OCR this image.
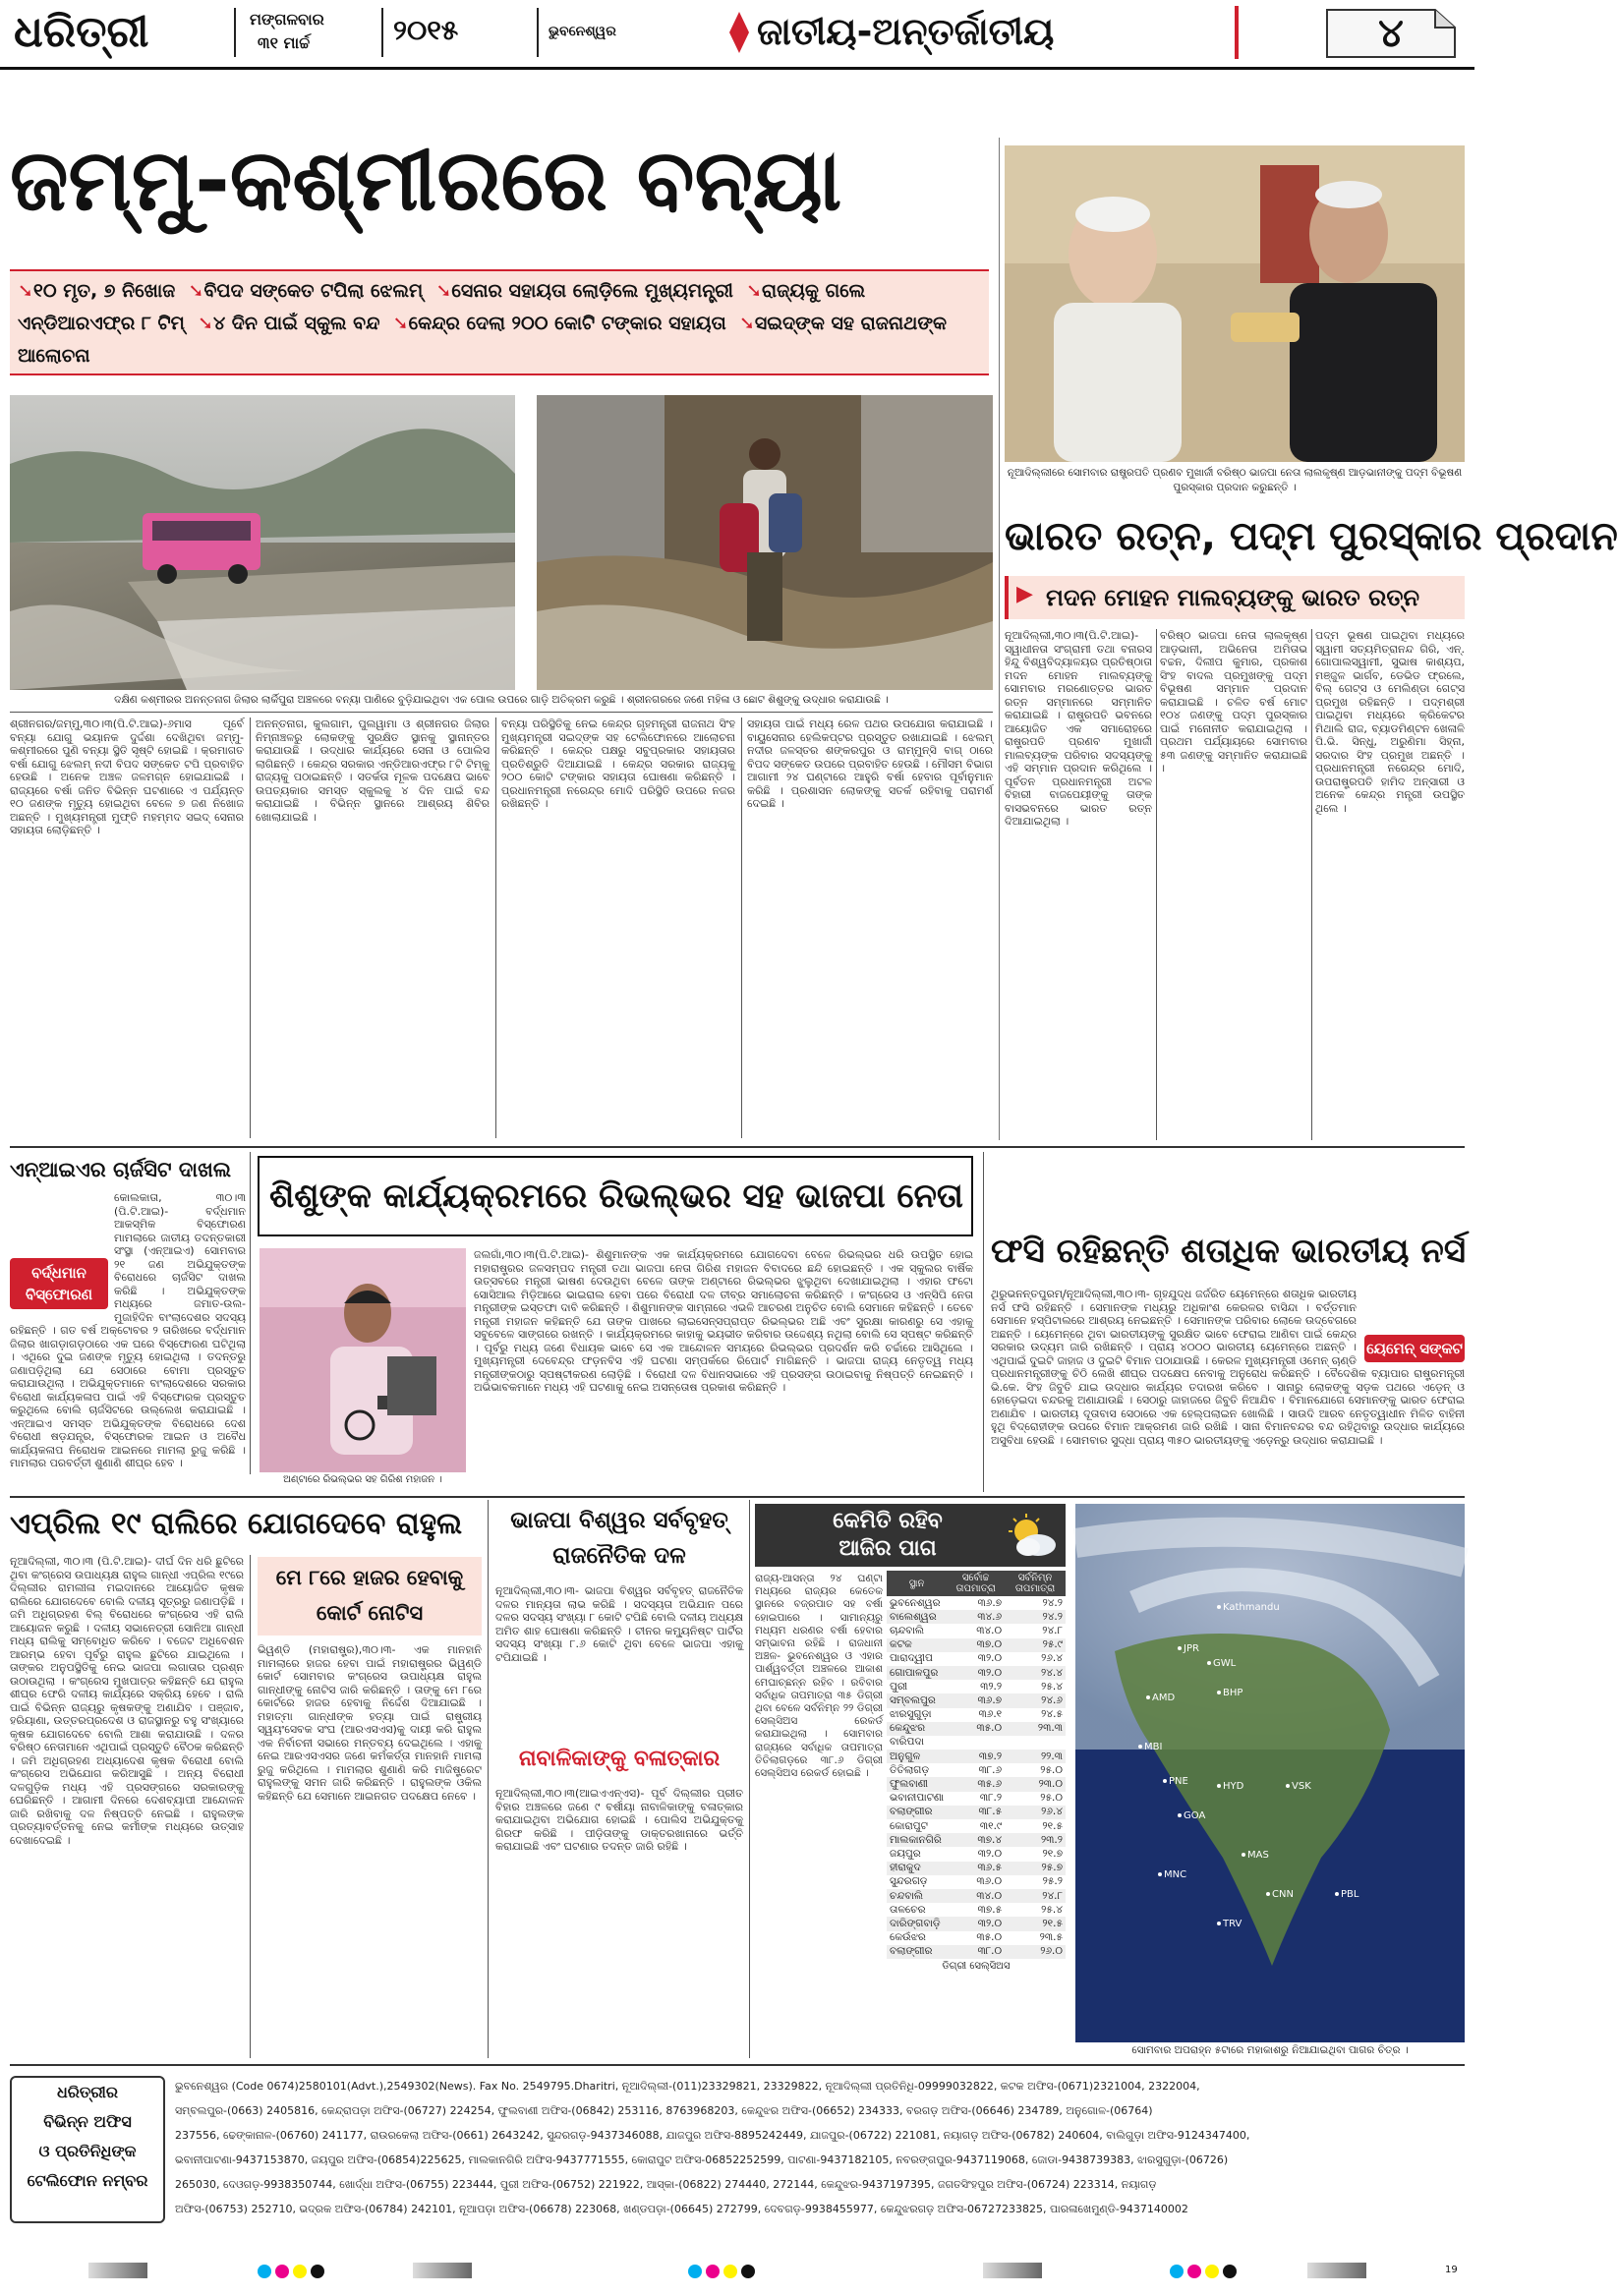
ଧରିତ୍ରୀ	ମଙ୍ଗଳବାର
୩୧ ମାର୍ଚ୍ଚ	୨୦୧୫	ଭୁବନେଶ୍ୱର	ଜାତୀୟ-ଅନ୍ତର୍ଜାତୀୟ	୪
ଜମ୍ମୁ-କଶ୍ମୀରରେ ବନ୍ୟା
➘୧୦ ମୃତ, ୭ ନିଖୋଜ ➘ବିପଦ ସଙ୍କେତ ଟପିଲା ଝେଲମ୍ ➘ସେନାର ସହାୟତା ଲୋଡ଼ିଲେ ମୁଖ୍ୟମନ୍ତ୍ରୀ ➘ରାଜ୍ୟକୁ ଗଲେ ଏନ୍‌ଡିଆରଏଫ୍‌ର ୮ ଟିମ୍ ➘୪ ଦିନ ପାଇଁ ସ୍କୁଲ ବନ୍ଦ ➘କେନ୍ଦ୍ର ଦେଲା ୨୦୦ କୋଟି ଟଙ୍କାର ସହାୟତା ➘ସଇଦ୍‌ଙ୍କ ସହ ରାଜନାଥଙ୍କ ଆଲୋଚନା
ଦକ୍ଷିଣ କଶ୍ମୀରର ଅନନ୍ତନାଗ ଜିଲାର ଲାର୍କିପୁରା ଅଞ୍ଚଳରେ ବନ୍ୟା ପାଣିରେ ବୁଡ଼ିଯାଇଥିବା ଏକ ପୋଲ ଉପରେ ଗାଡ଼ି ଅତିକ୍ରମ କରୁଛି । ଶ୍ରୀନଗରରେ ଜଣେ ମହିଳା ଓ ଛୋଟ ଶିଶୁଙ୍କୁ ଉଦ୍ଧାର କରାଯାଉଛି ।
ଶ୍ରୀନଗର/ଜମ୍ମୁ,୩୦।୩(ପି.ଟି.ଆଇ)-୬ମାସ ପୂର୍ବେ ବନ୍ୟା ଯୋଗୁ ଭୟାନକ ଦୁର୍ଦ୍ଦଶା ଦେଖିଥିବା ଜମ୍ମୁ-କଶ୍ମୀରରେ ପୁଣି ବନ୍ୟା ସ୍ଥିତି ସୃଷ୍ଟି ହୋଇଛି । କ୍ରମାଗତ ବର୍ଷା ଯୋଗୁ ଝେଲମ୍ ନଦୀ ବିପଦ ସଙ୍କେତ ଟପି ପ୍ରବାହିତ ହେଉଛି । ଅନେକ ଅଞ୍ଚଳ ଜଳମଗ୍ନ ହୋଇଯାଇଛି । ରାଜ୍ୟରେ ବର୍ଷା ଜନିତ ବିଭିନ୍ନ ଘଟଣାରେ ଏ ପର୍ଯ୍ୟନ୍ତ ୧୦ ଜଣଙ୍କ ମୃତ୍ୟୁ ହୋଇଥିବା ବେଳେ ୭ ଜଣ ନିଖୋଜ ଅଛନ୍ତି । ମୁଖ୍ୟମନ୍ତ୍ରୀ ମୁଫ୍ତି ମହମ୍ମଦ ସଇଦ୍ ସେନାର ସହାୟତା ଲୋଡ଼ିଛନ୍ତି ।
ଅନନ୍ତନାଗ, କୁଲଗାମ, ପୁଲୱାମା ଓ ଶ୍ରୀନଗର ଜିଲାର ନିମ୍ନାଞ୍ଚଳରୁ ଲୋକଙ୍କୁ ସୁରକ୍ଷିତ ସ୍ଥାନକୁ ସ୍ଥାନାନ୍ତର କରାଯାଉଛି । ଉଦ୍ଧାର କାର୍ଯ୍ୟରେ ସେନା ଓ ପୋଲିସ ଲାଗିଛନ୍ତି । କେନ୍ଦ୍ର ସରକାର ଏନ୍‌ଡିଆରଏଫ୍‌ର ୮ଟି ଟିମ୍‌କୁ ରାଜ୍ୟକୁ ପଠାଇଛନ୍ତି । ସତର୍କତା ମୂଳକ ପଦକ୍ଷେପ ଭାବେ ଉପତ୍ୟକାର ସମସ୍ତ ସ୍କୁଲକୁ ୪ ଦିନ ପାଇଁ ବନ୍ଦ କରାଯାଇଛି । ବିଭିନ୍ନ ସ୍ଥାନରେ ଆଶ୍ରୟ ଶିବିର ଖୋଲାଯାଇଛି ।
ବନ୍ୟା ପରିସ୍ଥିତିକୁ ନେଇ କେନ୍ଦ୍ର ଗୃହମନ୍ତ୍ରୀ ରାଜନାଥ ସିଂହ ମୁଖ୍ୟମନ୍ତ୍ରୀ ସଇଦ୍‌ଙ୍କ ସହ ଟେଲିଫୋନରେ ଆଲୋଚନା କରିଛନ୍ତି । କେନ୍ଦ୍ର ପକ୍ଷରୁ ସବୁପ୍ରକାର ସହାୟତାର ପ୍ରତିଶ୍ରୁତି ଦିଆଯାଇଛି । କେନ୍ଦ୍ର ସରକାର ରାଜ୍ୟକୁ ୨୦୦ କୋଟି ଟଙ୍କାର ସହାୟତା ଘୋଷଣା କରିଛନ୍ତି । ପ୍ରଧାନମନ୍ତ୍ରୀ ନରେନ୍ଦ୍ର ମୋଦି ପରିସ୍ଥିତି ଉପରେ ନଜର ରଖିଛନ୍ତି ।
ସହାୟତା ପାଇଁ ମଧ୍ୟ ରେଳ ପଥର ଉପଯୋଗ କରାଯାଇଛି । ବାୟୁସେନାର ହେଲିକପ୍ଟର ପ୍ରସ୍ତୁତ ରଖାଯାଇଛି । ଝେଲମ୍ ନଦୀର ଜଳସ୍ତର ଶଙ୍କରପୁର ଓ ରାମ୍‌ମୁନ୍ସି ବାଗ୍ ଠାରେ ବିପଦ ସଙ୍କେତ ଉପରେ ପ୍ରବାହିତ ହେଉଛି । ମୌସମ ବିଭାଗ ଆଗାମୀ ୨୪ ଘଣ୍ଟାରେ ଆହୁରି ବର୍ଷା ହେବାର ପୂର୍ବାନୁମାନ କରିଛି । ପ୍ରଶାସନ ଲୋକଙ୍କୁ ସତର୍କ ରହିବାକୁ ପରାମର୍ଶ ଦେଇଛି ।
ନୂଆଦିଲ୍ଲୀରେ ସୋମବାର ରାଷ୍ଟ୍ରପତି ପ୍ରଣବ ମୁଖାର୍ଜୀ ବରିଷ୍ଠ ଭାଜପା ନେତା ଲାଲକୃଷ୍ଣ ଆଡ଼ଭାନୀଙ୍କୁ ପଦ୍ମ ବିଭୂଷଣ ପୁରସ୍କାର ପ୍ରଦାନ କରୁଛନ୍ତି ।
ଭାରତ ରତ୍ନ, ପଦ୍ମ ପୁରସ୍କାର ପ୍ରଦାନ
▶ ମଦନ ମୋହନ ମାଲବ୍ୟଙ୍କୁ ଭାରତ ରତ୍ନ
ନୂଆଦିଲ୍ଲୀ,୩୦।୩(ପି.ଟି.ଆଇ)- ସ୍ୱାଧୀନତା ସଂଗ୍ରାମୀ ତଥା ବନାରସ ହିନ୍ଦୁ ବିଶ୍ୱବିଦ୍ୟାଳୟର ପ୍ରତିଷ୍ଠାତା ମଦନ ମୋହନ ମାଲବ୍ୟଙ୍କୁ ସୋମବାର ମରଣୋତ୍ତର ଭାରତ ରତ୍ନ ସମ୍ମାନରେ ସମ୍ମାନିତ କରାଯାଇଛି । ରାଷ୍ଟ୍ରପତି ଭବନରେ ଆୟୋଜିତ ଏକ ସମାରୋହରେ ରାଷ୍ଟ୍ରପତି ପ୍ରଣବ ମୁଖାର୍ଜୀ ମାଲବ୍ୟଙ୍କ ପରିବାର ସଦସ୍ୟଙ୍କୁ ଏହି ସମ୍ମାନ ପ୍ରଦାନ କରିଥିଲେ । ପୂର୍ବତନ ପ୍ରଧାନମନ୍ତ୍ରୀ ଅଟଳ ବିହାରୀ ବାଜପେୟୀଙ୍କୁ ତାଙ୍କ ବାସଭବନରେ ଭାରତ ରତ୍ନ ଦିଆଯାଇଥିଲା ।
ବରିଷ୍ଠ ଭାଜପା ନେତା ଲାଲକୃଷ୍ଣ ଆଡ଼ଭାନୀ, ଅଭିନେତା ଅମିତାଭ ବଚ୍ଚନ, ଦିଲୀପ କୁମାର, ପ୍ରକାଶ ସିଂହ ବାଦଲ ପ୍ରମୁଖଙ୍କୁ ପଦ୍ମ ବିଭୂଷଣ ସମ୍ମାନ ପ୍ରଦାନ କରାଯାଇଛି । ଚଳିତ ବର୍ଷ ମୋଟ ୧୦୪ ଜଣଙ୍କୁ ପଦ୍ମ ପୁରସ୍କାର ପାଇଁ ମନୋନୀତ କରାଯାଇଥିଲା । ପ୍ରଥମ ପର୍ଯ୍ୟାୟରେ ସୋମବାର ୫୩ ଜଣଙ୍କୁ ସମ୍ମାନିତ କରାଯାଇଛି ।
ପଦ୍ମ ଭୂଷଣ ପାଇଥିବା ମଧ୍ୟରେ ସ୍ୱାମୀ ସତ୍ୟମିତ୍ରାନନ୍ଦ ଗିରି, ଏନ୍. ଗୋପାଲସ୍ୱାମୀ, ସୁଭାଷ କାଶ୍ୟପ, ମଞ୍ଜୁଳ ଭାର୍ଗବ, ଡେଭିଡ ଫ୍ରଲେ, ବିଲ୍ ଗେଟ୍ସ ଓ ମେଲିଣ୍ଡା ଗେଟ୍ସ ପ୍ରମୁଖ ରହିଛନ୍ତି । ପଦ୍ମଶ୍ରୀ ପାଇଥିବା ମଧ୍ୟରେ କ୍ରିକେଟର ମିଥାଲି ରାଜ, ବ୍ୟାଡମିଣ୍ଟନ ଖେଳାଳି ପି.ଭି. ସିନ୍ଧୁ, ଅରୁଣିମା ସିହ୍ନା, ସରଦାର ସିଂହ ପ୍ରମୁଖ ଅଛନ୍ତି । ପ୍ରଧାନମନ୍ତ୍ରୀ ନରେନ୍ଦ୍ର ମୋଦି, ଉପରାଷ୍ଟ୍ରପତି ହାମିଦ ଅନ୍‌ସାରୀ ଓ ଅନେକ କେନ୍ଦ୍ର ମନ୍ତ୍ରୀ ଉପସ୍ଥିତ ଥିଲେ ।
ଏନ୍‌ଆଇଏର ଚାର୍ଜସିଟ ଦାଖଲ
ବର୍ଦ୍ଧମାନ ବିସ୍ଫୋରଣ
କୋଲକାତା, ୩୦।୩ (ପି.ଟି.ଆଇ)- ବର୍ଦ୍ଧମାନ ଆକସ୍ମିକ ବିସ୍ଫୋରଣ ମାମଲାରେ ଜାତୀୟ ତଦନ୍ତକାରୀ ସଂସ୍ଥା (ଏନ୍‌ଆଇଏ) ସୋମବାର ୨୧ ଜଣ ଅଭିଯୁକ୍ତଙ୍କ ବିରୋଧରେ ଚାର୍ଜସିଟ ଦାଖଲ କରିଛି । ଅଭିଯୁକ୍ତଙ୍କ ମଧ୍ୟରେ ଜମାତ-ଉଲ-ମୁଜାହିଦିନ ବାଂଲାଦେଶର ସଦସ୍ୟ ରହିଛନ୍ତି । ଗତ ବର୍ଷ ଅକ୍ଟୋବର ୨ ତାରିଖରେ ବର୍ଦ୍ଧମାନ ଜିଲାର ଖାଗଡ଼ାଗଡ଼ଠାରେ ଏକ ଘରେ ବିସ୍ଫୋରଣ ଘଟିଥିଲା । ଏଥିରେ ଦୁଇ ଜଣଙ୍କ ମୃତ୍ୟୁ ହୋଇଥିଲା । ତଦନ୍ତରୁ ଜଣାପଡ଼ିଥିଲା ଯେ ସେଠାରେ ବୋମା ପ୍ରସ୍ତୁତ କରାଯାଉଥିଲା । ଅଭିଯୁକ୍ତମାନେ ବାଂଲାଦେଶରେ ସରକାର ବିରୋଧୀ କାର୍ଯ୍ୟକଳାପ ପାଇଁ ଏହି ବିସ୍ଫୋରକ ପ୍ରସ୍ତୁତ କରୁଥିଲେ ବୋଲି ଚାର୍ଜସିଟରେ ଉଲ୍ଲେଖ କରାଯାଇଛି । ଏନ୍‌ଆଇଏ ସମସ୍ତ ଅଭିଯୁକ୍ତଙ୍କ ବିରୋଧରେ ଦେଶ ବିରୋଧୀ ଷଡ଼ଯନ୍ତ୍ର, ବିସ୍ଫୋରକ ଆଇନ ଓ ଅବୈଧ କାର୍ଯ୍ୟକଳାପ ନିରୋଧକ ଆଇନରେ ମାମଲା ରୁଜୁ କରିଛି । ମାମଲାର ପରବର୍ତ୍ତୀ ଶୁଣାଣି ଶୀଘ୍ର ହେବ ।
ଶିଶୁଙ୍କ କାର୍ଯ୍ୟକ୍ରମରେ ରିଭଲ୍‌ଭର ସହ ଭାଜପା ନେତା
ଅଣ୍ଟାରେ ରିଭଲ୍‌ଭର ସହ ଗିରିଶ ମହାଜନ ।
ଜଲଗାଁ,୩୦।୩(ପି.ଟି.ଆଇ)- ଶିଶୁମାନଙ୍କ ଏକ କାର୍ଯ୍ୟକ୍ରମରେ ଯୋଗଦେବା ବେଳେ ରିଭଲ୍‌ଭର ଧରି ଉପସ୍ଥିତ ହୋଇ ମହାରାଷ୍ଟ୍ରର ଜଳସମ୍ପଦ ମନ୍ତ୍ରୀ ତଥା ଭାଜପା ନେତା ଗିରିଶ ମହାଜନ ବିବାଦରେ ଛନ୍ଦି ହୋଇଛନ୍ତି । ଏକ ସ୍କୁଲର ବାର୍ଷିକ ଉତ୍ସବରେ ମନ୍ତ୍ରୀ ଭାଷଣ ଦେଉଥିବା ବେଳେ ତାଙ୍କ ଅଣ୍ଟାରେ ରିଭଲ୍‌ଭର ଝୁଲୁଥିବା ଦେଖାଯାଇଥିଲା । ଏହାର ଫଟୋ ସୋସିଆଲ ମିଡ଼ିଆରେ ଭାଇରାଲ ହେବା ପରେ ବିରୋଧୀ ଦଳ ତୀବ୍ର ସମାଲୋଚନା କରିଛନ୍ତି । କଂଗ୍ରେସ ଓ ଏନ୍‌ସିପି ନେତା ମନ୍ତ୍ରୀଙ୍କ ଇସ୍ତଫା ଦାବି କରିଛନ୍ତି । ଶିଶୁମାନଙ୍କ ସାମ୍ନାରେ ଏଭଳି ଆଚରଣ ଅନୁଚିତ ବୋଲି ସେମାନେ କହିଛନ୍ତି । ତେବେ ମନ୍ତ୍ରୀ ମହାଜନ କହିଛନ୍ତି ଯେ ତାଙ୍କ ପାଖରେ ଲାଇସେନ୍ସପ୍ରାପ୍ତ ରିଭଲ୍‌ଭର ଅଛି ଏବଂ ସୁରକ୍ଷା କାରଣରୁ ସେ ଏହାକୁ ସବୁବେଳେ ସାଙ୍ଗରେ ରଖନ୍ତି । କାର୍ଯ୍ୟକ୍ରମରେ କାହାକୁ ଭୟଭୀତ କରିବାର ଉଦ୍ଦେଶ୍ୟ ନଥିଲା ବୋଲି ସେ ସ୍ପଷ୍ଟ କରିଛନ୍ତି । ପୂର୍ବରୁ ମଧ୍ୟ ଜଣେ ବିଧାୟକ ଭାବେ ସେ ଏକ ଆନ୍ଦୋଳନ ସମୟରେ ରିଭଲ୍‌ଭର ପ୍ରଦର୍ଶନ କରି ଚର୍ଚ୍ଚାରେ ଆସିଥିଲେ । ମୁଖ୍ୟମନ୍ତ୍ରୀ ଦେବେନ୍ଦ୍ର ଫଡ଼ନବିସ ଏହି ଘଟଣା ସମ୍ପର୍କରେ ରିପୋର୍ଟ ମାଗିଛନ୍ତି । ଭାଜପା ରାଜ୍ୟ ନେତୃତ୍ୱ ମଧ୍ୟ ମନ୍ତ୍ରୀଙ୍କଠାରୁ ସ୍ପଷ୍ଟୀକରଣ ଲୋଡ଼ିଛି । ବିରୋଧୀ ଦଳ ବିଧାନସଭାରେ ଏହି ପ୍ରସଙ୍ଗ ଉଠାଇବାକୁ ନିଷ୍ପତ୍ତି ନେଇଛନ୍ତି । ଅଭିଭାବକମାନେ ମଧ୍ୟ ଏହି ଘଟଣାକୁ ନେଇ ଅସନ୍ତୋଷ ପ୍ରକାଶ କରିଛନ୍ତି ।
ଫସି ରହିଛନ୍ତି ଶତାଧିକ ଭାରତୀୟ ନର୍ସ
ୟେମେନ୍ ସଙ୍କଟ
ଥିରୁଭନନ୍ତପୁରମ୍/ନୂଆଦିଲ୍ଲୀ,୩୦।୩- ଗୃହଯୁଦ୍ଧ ଜର୍ଜରିତ ୟେମେନ୍‌ରେ ଶତାଧିକ ଭାରତୀୟ ନର୍ସ ଫସି ରହିଛନ୍ତି । ସେମାନଙ୍କ ମଧ୍ୟରୁ ଅଧିକାଂଶ କେରଳର ବାସିନ୍ଦା । ବର୍ତ୍ତମାନ ସେମାନେ ହସ୍ପିଟାଲରେ ଆଶ୍ରୟ ନେଇଛନ୍ତି । ସେମାନଙ୍କ ପରିବାର ଲୋକେ ଉଦ୍‌ବେଗରେ ଅଛନ୍ତି । ୟେମେନ୍‌ରେ ଥିବା ଭାରତୀୟଙ୍କୁ ସୁରକ୍ଷିତ ଭାବେ ଫେରାଇ ଆଣିବା ପାଇଁ କେନ୍ଦ୍ର ସରକାର ଉଦ୍ୟମ ଜାରି ରଖିଛନ୍ତି । ପ୍ରାୟ ୪୦୦୦ ଭାରତୀୟ ୟେମେନ୍‌ରେ ଅଛନ୍ତି । ଏଥିପାଇଁ ଦୁଇଟି ଜାହାଜ ଓ ଦୁଇଟି ବିମାନ ପଠାଯାଉଛି । କେରଳ ମୁଖ୍ୟମନ୍ତ୍ରୀ ଓମେନ୍ ଚାଣ୍ଡି ପ୍ରଧାନମନ୍ତ୍ରୀଙ୍କୁ ଚିଠି ଲେଖି ଶୀଘ୍ର ପଦକ୍ଷେପ ନେବାକୁ ଅନୁରୋଧ କରିଛନ୍ତି । ବୈଦେଶିକ ବ୍ୟାପାର ରାଷ୍ଟ୍ରମନ୍ତ୍ରୀ ଭି.କେ. ସିଂହ ଜିବୁତି ଯାଇ ଉଦ୍ଧାର କାର୍ଯ୍ୟର ତଦାରଖ କରିବେ । ସାନାରୁ ଲୋକଙ୍କୁ ସଡ଼କ ପଥରେ ଏଡ଼େନ୍ ଓ ହୋଡ଼େଇଦା ବନ୍ଦରକୁ ଅଣାଯାଉଛି । ସେଠାରୁ ଜାହାଜରେ ଜିବୁତି ନିଆଯିବ । ବିମାନଯୋଗେ ସେମାନଙ୍କୁ ଭାରତ ଫେରାଇ ଅଣାଯିବ । ଭାରତୀୟ ଦୂତାବାସ ସେଠାରେ ଏକ ହେଲ୍ପଲାଇନ ଖୋଲିଛି । ସାଉଦି ଆରବ ନେତୃତ୍ୱାଧୀନ ମିଳିତ ବାହିନୀ ହୁଥି ବିଦ୍ରୋହୀଙ୍କ ଉପରେ ବିମାନ ଆକ୍ରମଣ ଜାରି ରଖିଛି । ସାନା ବିମାନବନ୍ଦର ବନ୍ଦ ରହିଥିବାରୁ ଉଦ୍ଧାର କାର୍ଯ୍ୟରେ ଅସୁବିଧା ହେଉଛି । ସୋମବାର ସୁଦ୍ଧା ପ୍ରାୟ ୩୫୦ ଭାରତୀୟଙ୍କୁ ଏଡ଼େନ୍‌ରୁ ଉଦ୍ଧାର କରାଯାଇଛି ।
ଏପ୍ରିଲ ୧୯ ରାଲିରେ ଯୋଗଦେବେ ରାହୁଲ
ନୂଆଦିଲ୍ଲୀ, ୩୦।୩ (ପି.ଟି.ଆଇ)- ଦୀର୍ଘ ଦିନ ଧରି ଛୁଟିରେ ଥିବା କଂଗ୍ରେସ ଉପାଧ୍ୟକ୍ଷ ରାହୁଲ ଗାନ୍ଧୀ ଏପ୍ରିଲ ୧୯ରେ ଦିଲ୍ଲୀର ରାମଲୀଳା ମଇଦାନରେ ଆୟୋଜିତ କୃଷକ ରାଲିରେ ଯୋଗଦେବେ ବୋଲି ଦଳୀୟ ସୂତ୍ରରୁ ଜଣାପଡ଼ିଛି । ଜମି ଅଧିଗ୍ରହଣ ବିଲ୍ ବିରୋଧରେ କଂଗ୍ରେସ ଏହି ରାଲି ଆୟୋଜନ କରୁଛି । ଦଳୀୟ ସଭାନେତ୍ରୀ ସୋନିଆ ଗାନ୍ଧୀ ମଧ୍ୟ ରାଲିକୁ ସମ୍ବୋଧିତ କରିବେ । ବଜେଟ ଅଧିବେଶନ ଆରମ୍ଭ ହେବା ପୂର୍ବରୁ ରାହୁଲ ଛୁଟିରେ ଯାଇଥିଲେ । ତାଙ୍କର ଅନୁପସ୍ଥିତିକୁ ନେଇ ଭାଜପା ଲଗାତାର ପ୍ରଶ୍ନ ଉଠାଉଥିଲା । କଂଗ୍ରେସ ମୁଖପାତ୍ର କହିଛନ୍ତି ଯେ ରାହୁଲ ଶୀଘ୍ର ଫେରି ଦଳୀୟ କାର୍ଯ୍ୟରେ ସକ୍ରିୟ ହେବେ । ରାଲି ପାଇଁ ବିଭିନ୍ନ ରାଜ୍ୟରୁ କୃଷକଙ୍କୁ ଅଣାଯିବ । ପଞ୍ଜାବ, ହରିୟାଣା, ଉତ୍ତରପ୍ରଦେଶ ଓ ରାଜସ୍ଥାନରୁ ବହୁ ସଂଖ୍ୟାରେ କୃଷକ ଯୋଗଦେବେ ବୋଲି ଆଶା କରାଯାଉଛି । ଦଳର ବରିଷ୍ଠ ନେତାମାନେ ଏଥିପାଇଁ ପ୍ରସ୍ତୁତି ବୈଠକ କରିଛନ୍ତି । ଜମି ଅଧିଗ୍ରହଣ ଅଧ୍ୟାଦେଶ କୃଷକ ବିରୋଧୀ ବୋଲି କଂଗ୍ରେସ ଅଭିଯୋଗ କରିଆସୁଛି । ଅନ୍ୟ ବିରୋଧୀ ଦଳଗୁଡ଼ିକ ମଧ୍ୟ ଏହି ପ୍ରସଙ୍ଗରେ ସରକାରଙ୍କୁ ଘେରିଛନ୍ତି । ଆଗାମୀ ଦିନରେ ଦେଶବ୍ୟାପୀ ଆନ୍ଦୋଳନ ଜାରି ରଖିବାକୁ ଦଳ ନିଷ୍ପତ୍ତି ନେଇଛି । ରାହୁଲଙ୍କ ପ୍ରତ୍ୟାବର୍ତ୍ତନକୁ ନେଇ କର୍ମୀଙ୍କ ମଧ୍ୟରେ ଉତ୍ସାହ ଦେଖାଦେଇଛି ।
ମେ ୮ରେ ହାଜର ହେବାକୁ
କୋର୍ଟ ନୋଟିସ
ଭିୱଣ୍ଡି (ମହାରାଷ୍ଟ୍ର),୩୦।୩- ଏକ ମାନହାନି ମାମଲାରେ ହାଜର ହେବା ପାଇଁ ମହାରାଷ୍ଟ୍ରର ଭିୱଣ୍ଡି କୋର୍ଟ ସୋମବାର କଂଗ୍ରେସ ଉପାଧ୍ୟକ୍ଷ ରାହୁଲ ଗାନ୍ଧୀଙ୍କୁ ନୋଟିସ ଜାରି କରିଛନ୍ତି । ତାଙ୍କୁ ମେ ୮ରେ କୋର୍ଟରେ ହାଜର ହେବାକୁ ନିର୍ଦ୍ଦେଶ ଦିଆଯାଇଛି । ମହାତ୍ମା ଗାନ୍ଧୀଙ୍କ ହତ୍ୟା ପାଇଁ ରାଷ୍ଟ୍ରୀୟ ସ୍ୱୟଂସେବକ ସଂଘ (ଆରଏସଏସ)କୁ ଦାୟୀ କରି ରାହୁଲ ଏକ ନିର୍ବାଚନୀ ସଭାରେ ମନ୍ତବ୍ୟ ଦେଇଥିଲେ । ଏହାକୁ ନେଇ ଆରଏସଏସର ଜଣେ କର୍ମକର୍ତ୍ତା ମାନହାନି ମାମଲା ରୁଜୁ କରିଥିଲେ । ମାମଲାର ଶୁଣାଣି କରି ମାଜିଷ୍ଟ୍ରେଟ ରାହୁଲଙ୍କୁ ସମନ ଜାରି କରିଛନ୍ତି । ରାହୁଲଙ୍କ ଓକିଲ କହିଛନ୍ତି ଯେ ସେମାନେ ଆଇନଗତ ପଦକ୍ଷେପ ନେବେ ।
ଭାଜପା ବିଶ୍ୱର ସର୍ବବୃହତ୍
ରାଜନୈତିକ ଦଳ
ନୂଆଦିଲ୍ଲୀ,୩୦।୩- ଭାଜପା ବିଶ୍ୱର ସର୍ବବୃହତ୍ ରାଜନୈତିକ ଦଳର ମାନ୍ୟତା ଲାଭ କରିଛି । ସଦସ୍ୟତା ଅଭିଯାନ ପରେ ଦଳର ସଦସ୍ୟ ସଂଖ୍ୟା ୮ କୋଟି ଟପିଛି ବୋଲି ଦଳୀୟ ଅଧ୍ୟକ୍ଷ ଅମିତ ଶାହ ଘୋଷଣା କରିଛନ୍ତି । ଚୀନର କମ୍ୟୁନିଷ୍ଟ ପାର୍ଟିର ସଦସ୍ୟ ସଂଖ୍ୟା ୮.୬ କୋଟି ଥିବା ବେଳେ ଭାଜପା ଏହାକୁ ଟପିଯାଇଛି ।
ନାବାଳିକାଙ୍କୁ ବଳାତ୍କାର
ନୂଆଦିଲ୍ଲୀ,୩୦।୩(ଆଇଏଏନ୍‌ଏସ)- ପୂର୍ବ ଦିଲ୍ଲୀର ପ୍ରୀତ ବିହାର ଅଞ୍ଚଳରେ ଜଣେ ୯ ବର୍ଷୀୟା ନାବାଳିକାଙ୍କୁ ବଳାତ୍କାର କରାଯାଇଥିବା ଅଭିଯୋଗ ହୋଇଛି । ପୋଲିସ ଅଭିଯୁକ୍ତକୁ ଗିରଫ କରିଛି । ପୀଡ଼ିତାଙ୍କୁ ଡାକ୍ତରଖାନାରେ ଭର୍ତ୍ତି କରାଯାଇଛି ଏବଂ ଘଟଣାର ତଦନ୍ତ ଜାରି ରହିଛି ।
କେମିତି ରହିବ
ଆଜିର ପାଗ
ରାଜ୍ୟ-ଆସନ୍ତା ୨୪ ଘଣ୍ଟା ମଧ୍ୟରେ ରାଜ୍ୟର କେତେକ ସ୍ଥାନରେ ବଜ୍ରପାତ ସହ ବର୍ଷା ହୋଇପାରେ । ସାମାନ୍ୟରୁ ମଧ୍ୟମ ଧରଣର ବର୍ଷା ହେବାର ସମ୍ଭାବନା ରହିଛି । ରାଜଧାନୀ ଅଞ୍ଚଳ- ଭୁବନେଶ୍ୱର ଓ ଏହାର ପାର୍ଶ୍ୱବର୍ତ୍ତୀ ଅଞ୍ଚଳରେ ଆକାଶ ମେଘାଚ୍ଛନ୍ନ ରହିବ । ରବିବାର ସର୍ବାଧିକ ତାପମାତ୍ରା ୩୫ ଡିଗ୍ରୀ ଥିବା ବେଳେ ସର୍ବନିମ୍ନ ୨୨ ଡିଗ୍ରୀ ସେଲ୍‌ସିଅସ ରେକର୍ଡ କରାଯାଇଥିଲା । ସୋମବାର ରାଜ୍ୟରେ ସର୍ବାଧିକ ତାପମାତ୍ରା ତିତିଲାଗଡ଼ରେ ୩୮.୬ ଡିଗ୍ରୀ ସେଲ୍‌ସିଅସ ରେକର୍ଡ ହୋଇଛି ।
ସ୍ଥାନ	ସର୍ବୋଚ୍ଚ ତାପମାତ୍ରା	ସର୍ବନିମ୍ନ ତାପମାତ୍ରା
ଭୁବନେଶ୍ୱର	୩୬.୭	୨୪.୨
ବାଲେଶ୍ୱର	୩୪.୬	୨୪.୨
ଚାନ୍ଦବାଲି	୩୪.୦	୨୪.୮
କଟକ	୩୭.୦	୨୫.୯
ପାରାଦ୍ୱୀପ	୩୨.୦	୨୬.୪
ଗୋପାଳପୁର	୩୨.୦	୨୪.୪
ପୁରୀ	୩୨.୨	୨୫.୪
ସମ୍ବଲପୁର	୩୬.୭	୨୪.୬
ଝାରସୁଗୁଡ଼ା	୩୬.୧	୨୪.୫
କେନ୍ଦୁଝର	୩୫.୦	୨୩.୩
ବାରିପଦା		
ଅନୁଗୁଳ	୩୭.୨	୨୨.୩
ତିତିଲାଗଡ଼	୩୮.୬	୨୫.୦
ଫୁଲବାଣୀ	୩୫.୬	୨୩.୦
ଭବାନୀପାଟଣା	୩୮.୨	୨୫.୦
ବଲାଙ୍ଗୀର	୩୮.୫	୨୬.୪
କୋରାପୁଟ	୩୧.୯	୨୧.୫
ମାଲକାନଗିରି	୩୭.୪	୨୩.୨
ଜୟପୁର	୩୨.୦	୨୧.୭
ହୀରାକୁଦ	୩୬.୫	୨୫.୭
ସୁନ୍ଦରଗଡ଼	୩୬.୦	୨୫.୨
ଚନ୍ଦବାଲି	୩୪.୦	୨୪.୮
ତାଳଚେର	୩୭.୫	୨୫.୪
ଦାରିଙ୍ଗବାଡ଼ି	୩୨.୦	୨୧.୫
କେଉଁଝର	୩୫.୦	୨୩.୫
ବଲାଙ୍ଗୀର	୩୮.୦	୨୬.୦
ଡିଗ୍ରୀ ସେଲ୍‌ସିଅସ
Kathmandu
JPR
GWL
BHP
AMD
MBI
HYD	VSK
MAS
TRV
MNC
PBL
CNN
GOA
PNE
ସୋମବାର ଅପରାହ୍ନ ୫ଟାରେ ମହାକାଶରୁ ନିଆଯାଇଥିବା ପାଗର ଚିତ୍ର ।
ଧରିତ୍ରୀର
ବିଭିନ୍ନ ଅଫିସ
ଓ ପ୍ରତିନିଧିଙ୍କ
ଟେଲିଫୋନ ନମ୍ବର
ଭୁବନେଶ୍ୱର (Code 0674)2580101(Advt.),2549302(News). Fax No. 2549795.Dharitri, ନୂଆଦିଲ୍ଲୀ-(011)23329821, 23329822, ନୂଆଦିଲ୍ଲୀ ପ୍ରତିନିଧି-09999032822, କଟକ ଅଫିସ-(0671)2321004, 2322004,
ସମ୍ବଲପୁର-(0663) 2405816, କେନ୍ଦ୍ରାପଡ଼ା ଅଫିସ-(06727) 224254, ଫୁଲବାଣୀ ଅଫିସ-(06842) 253116, 8763968203, କେନ୍ଦୁଝର ଅଫିସ-(06652) 234333, ବରଗଡ଼ ଅଫିସ-(06646) 234789, ଅନୁଗୋଳ-(06764)
237556, ଢେଙ୍କାନାଳ-(06760) 241177, ରାଉରକେଲା ଅଫିସ-(0661) 2643242, ସୁନ୍ଦରଗଡ଼-9437346088, ଯାଜପୁର ଅଫିସ-8895242449, ଯାଜପୁର-(06722) 221081, ନୟାଗଡ଼ ଅଫିସ-(06782) 240604, ବାଲିଗୁଡ଼ା ଅଫିସ-9124347400,
ଭବାନୀପାଟଣା-9437153870, ଜୟପୁର ଅଫିସ-(06854)225625, ମାଲକାନଗିରି ଅଫିସ-9437771555, କୋରାପୁଟ ଅଫିସ-06852252599, ପାଟଣା-9437182105, ନବରଙ୍ଗପୁର-9437119068, ଜୋଡା-9438739383, ଝାରସୁଗୁଡ଼ା-(06726)
265030, ଦେଓଗଡ଼-9938350744, ଖୋର୍ଦ୍ଧା ଅଫିସ-(06755) 223444, ପୁରୀ ଅଫିସ-(06752) 221922, ଆସ୍କା-(06822) 274440, 272144, କେନ୍ଦୁଝର-9437197395, ଜଗତସିଂହପୁର ଅଫିସ-(06724) 223314, ନୟାଗଡ଼
ଅଫିସ-(06753) 252710, ଭଦ୍ରକ ଅଫିସ-(06784) 242101, ନୂଆପଡ଼ା ଅଫିସ-(06678) 223068, ଖଣ୍ଡପଡ଼ା-(06645) 272799, ଦେବଗଡ଼-9938455977, କେନ୍ଦୁଝରଗଡ଼ ଅଫିସ-06727233825, ପାରଳାଖେମୁଣ୍ଡି-9437140002
19
